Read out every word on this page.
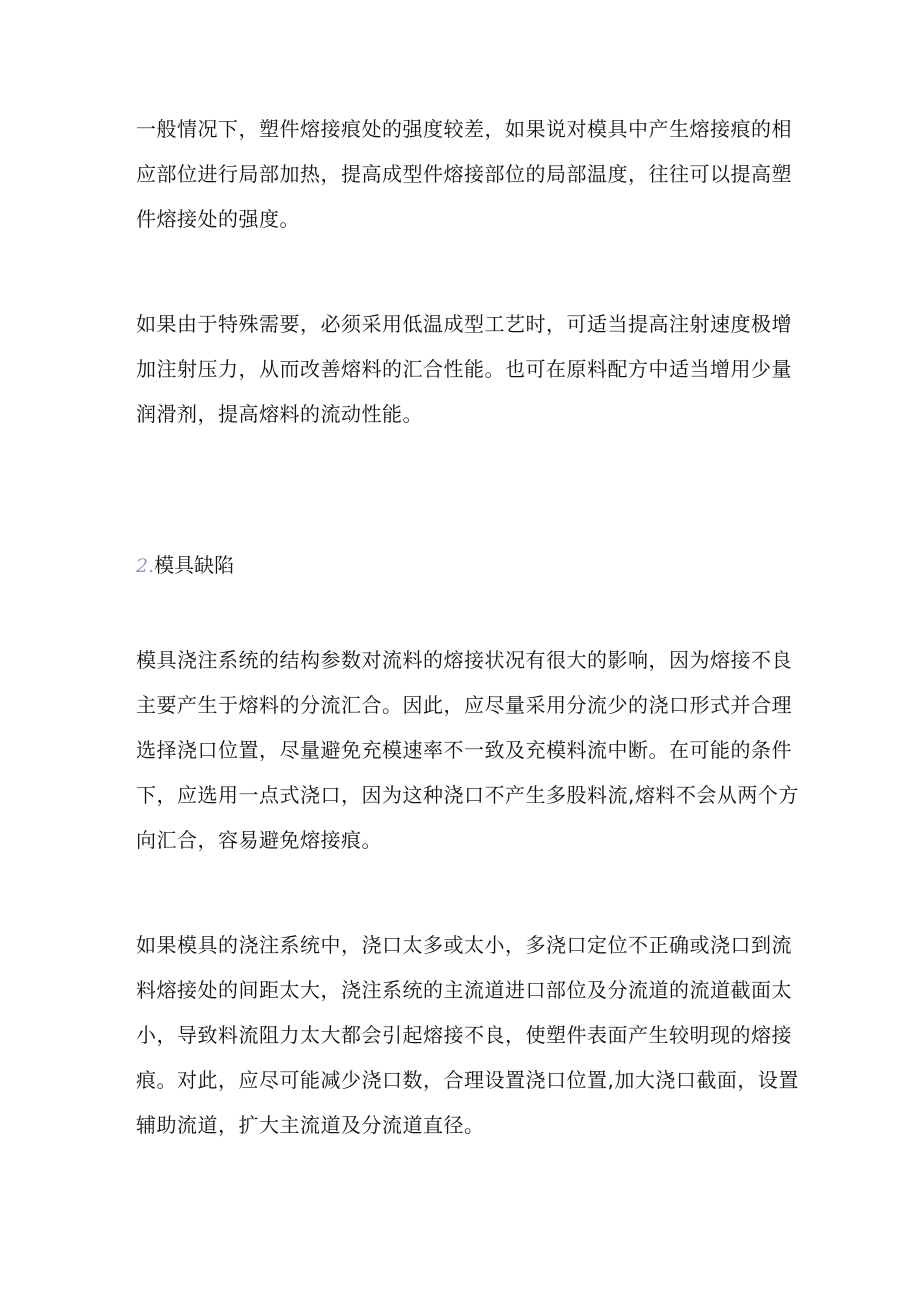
一般情况下，塑件熔接痕处的强度较差，如果说对模具中产生熔接痕的相
应部位进行局部加热，提高成型件熔接部位的局部温度，往往可以提高塑
件熔接处的强度。

如果由于特殊需要，必须采用低温成型工艺时，可适当提高注射速度极增
加注射压力，从而改善熔料的汇合性能。也可在原料配方中适当增用少量
润滑剂，提高熔料的流动性能。

2.模具缺陷

模具浇注系统的结构参数对流料的熔接状况有很大的影响，因为熔接不良
主要产生于熔料的分流汇合。因此，应尽量采用分流少的浇口形式并合理
选择浇口位置，尽量避免充模速率不一致及充模料流中断。在可能的条件
下，应选用一点式浇口，因为这种浇口不产生多股料流,熔料不会从两个方
向汇合，容易避免熔接痕。

如果模具的浇注系统中，浇口太多或太小，多浇口定位不正确或浇口到流
料熔接处的间距太大，浇注系统的主流道进口部位及分流道的流道截面太
小，导致料流阻力太大都会引起熔接不良，使塑件表面产生较明现的熔接
痕。对此，应尽可能减少浇口数，合理设置浇口位置,加大浇口截面，设置
辅助流道，扩大主流道及分流道直径。
